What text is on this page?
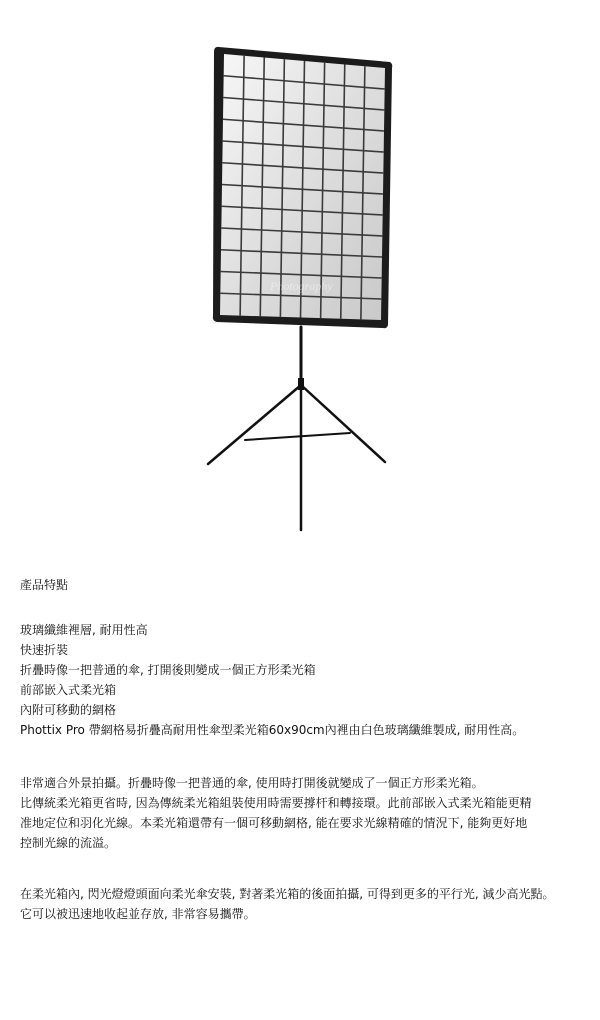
Photography

產品特點

玻璃纖維裡層, 耐用性高

快速折裝

折疊時像一把普通的傘, 打開後則變成一個正方形柔光箱

前部嵌入式柔光箱

內附可移動的網格

Phottix Pro 帶網格易折疊高耐用性傘型柔光箱60x90cm內裡由白色玻璃纖維製成, 耐用性高。

非常適合外景拍攝。折疊時像一把普通的傘, 使用時打開後就變成了一個正方形柔光箱。

比傳統柔光箱更省時, 因為傳統柔光箱組裝使用時需要撐杆和轉接環。此前部嵌入式柔光箱能更精

准地定位和羽化光線。本柔光箱還帶有一個可移動網格, 能在要求光線精確的情況下, 能夠更好地

控制光線的流溢。

在柔光箱內, 閃光燈燈頭面向柔光傘安裝, 對著柔光箱的後面拍攝, 可得到更多的平行光, 減少高光點。

它可以被迅速地收起並存放, 非常容易攜帶。
